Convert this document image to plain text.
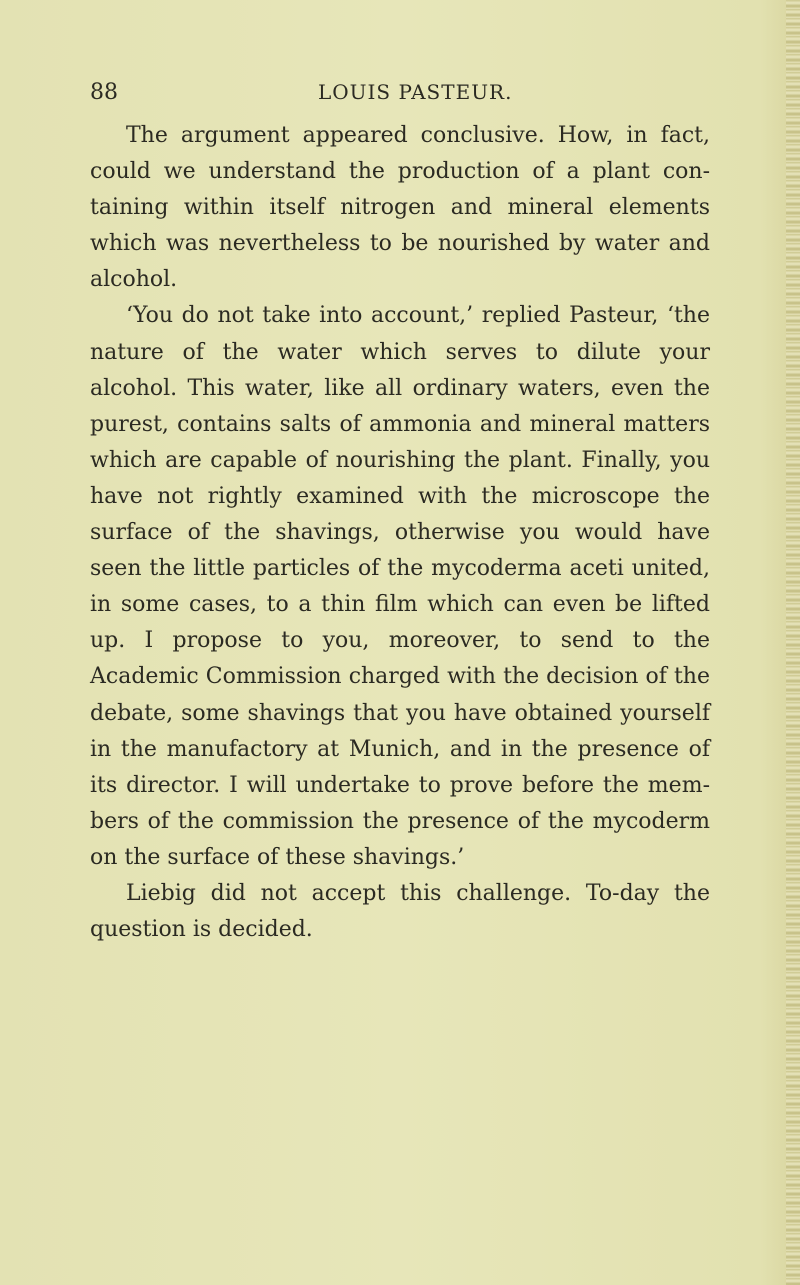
88	LOUIS PASTEUR.

The argument appeared conclusive. How, in fact, could we understand the production of a plant containing within itself nitrogen and mineral elements which was nevertheless to be nourished by water and alcohol.

‘You do not take into account,’ replied Pasteur, ‘the nature of the water which serves to dilute your alcohol. This water, like all ordinary waters, even the purest, contains salts of ammonia and mineral matters which are capable of nourishing the plant. Finally, you have not rightly examined with the microscope the surface of the shavings, otherwise you would have seen the little particles of the mycoderma aceti united, in some cases, to a thin film which can even be lifted up. I propose to you, moreover, to send to the Academic Commission charged with the decision of the debate, some shavings that you have obtained yourself in the manufactory at Munich, and in the presence of its director. I will undertake to prove before the members of the commission the presence of the mycoderm on the surface of these shavings.’

Liebig did not accept this challenge. To-day the question is decided.
